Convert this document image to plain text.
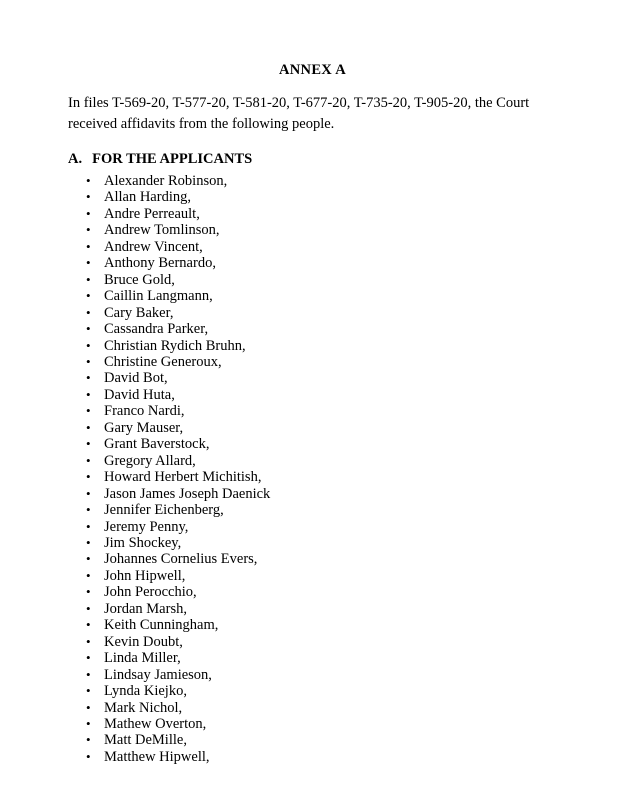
ANNEX A

In files T-569-20, T-577-20, T-581-20, T-677-20, T-735-20, T-905-20, the Court received affidavits from the following people.

A. FOR THE APPLICANTS
• Alexander Robinson,
• Allan Harding,
• Andre Perreault,
• Andrew Tomlinson,
• Andrew Vincent,
• Anthony Bernardo,
• Bruce Gold,
• Caillin Langmann,
• Cary Baker,
• Cassandra Parker,
• Christian Rydich Bruhn,
• Christine Generoux,
• David Bot,
• David Huta,
• Franco Nardi,
• Gary Mauser,
• Grant Baverstock,
• Gregory Allard,
• Howard Herbert Michitish,
• Jason James Joseph Daenick
• Jennifer Eichenberg,
• Jeremy Penny,
• Jim Shockey,
• Johannes Cornelius Evers,
• John Hipwell,
• John Perocchio,
• Jordan Marsh,
• Keith Cunningham,
• Kevin Doubt,
• Linda Miller,
• Lindsay Jamieson,
• Lynda Kiejko,
• Mark Nichol,
• Mathew Overton,
• Matt DeMille,
• Matthew Hipwell,
